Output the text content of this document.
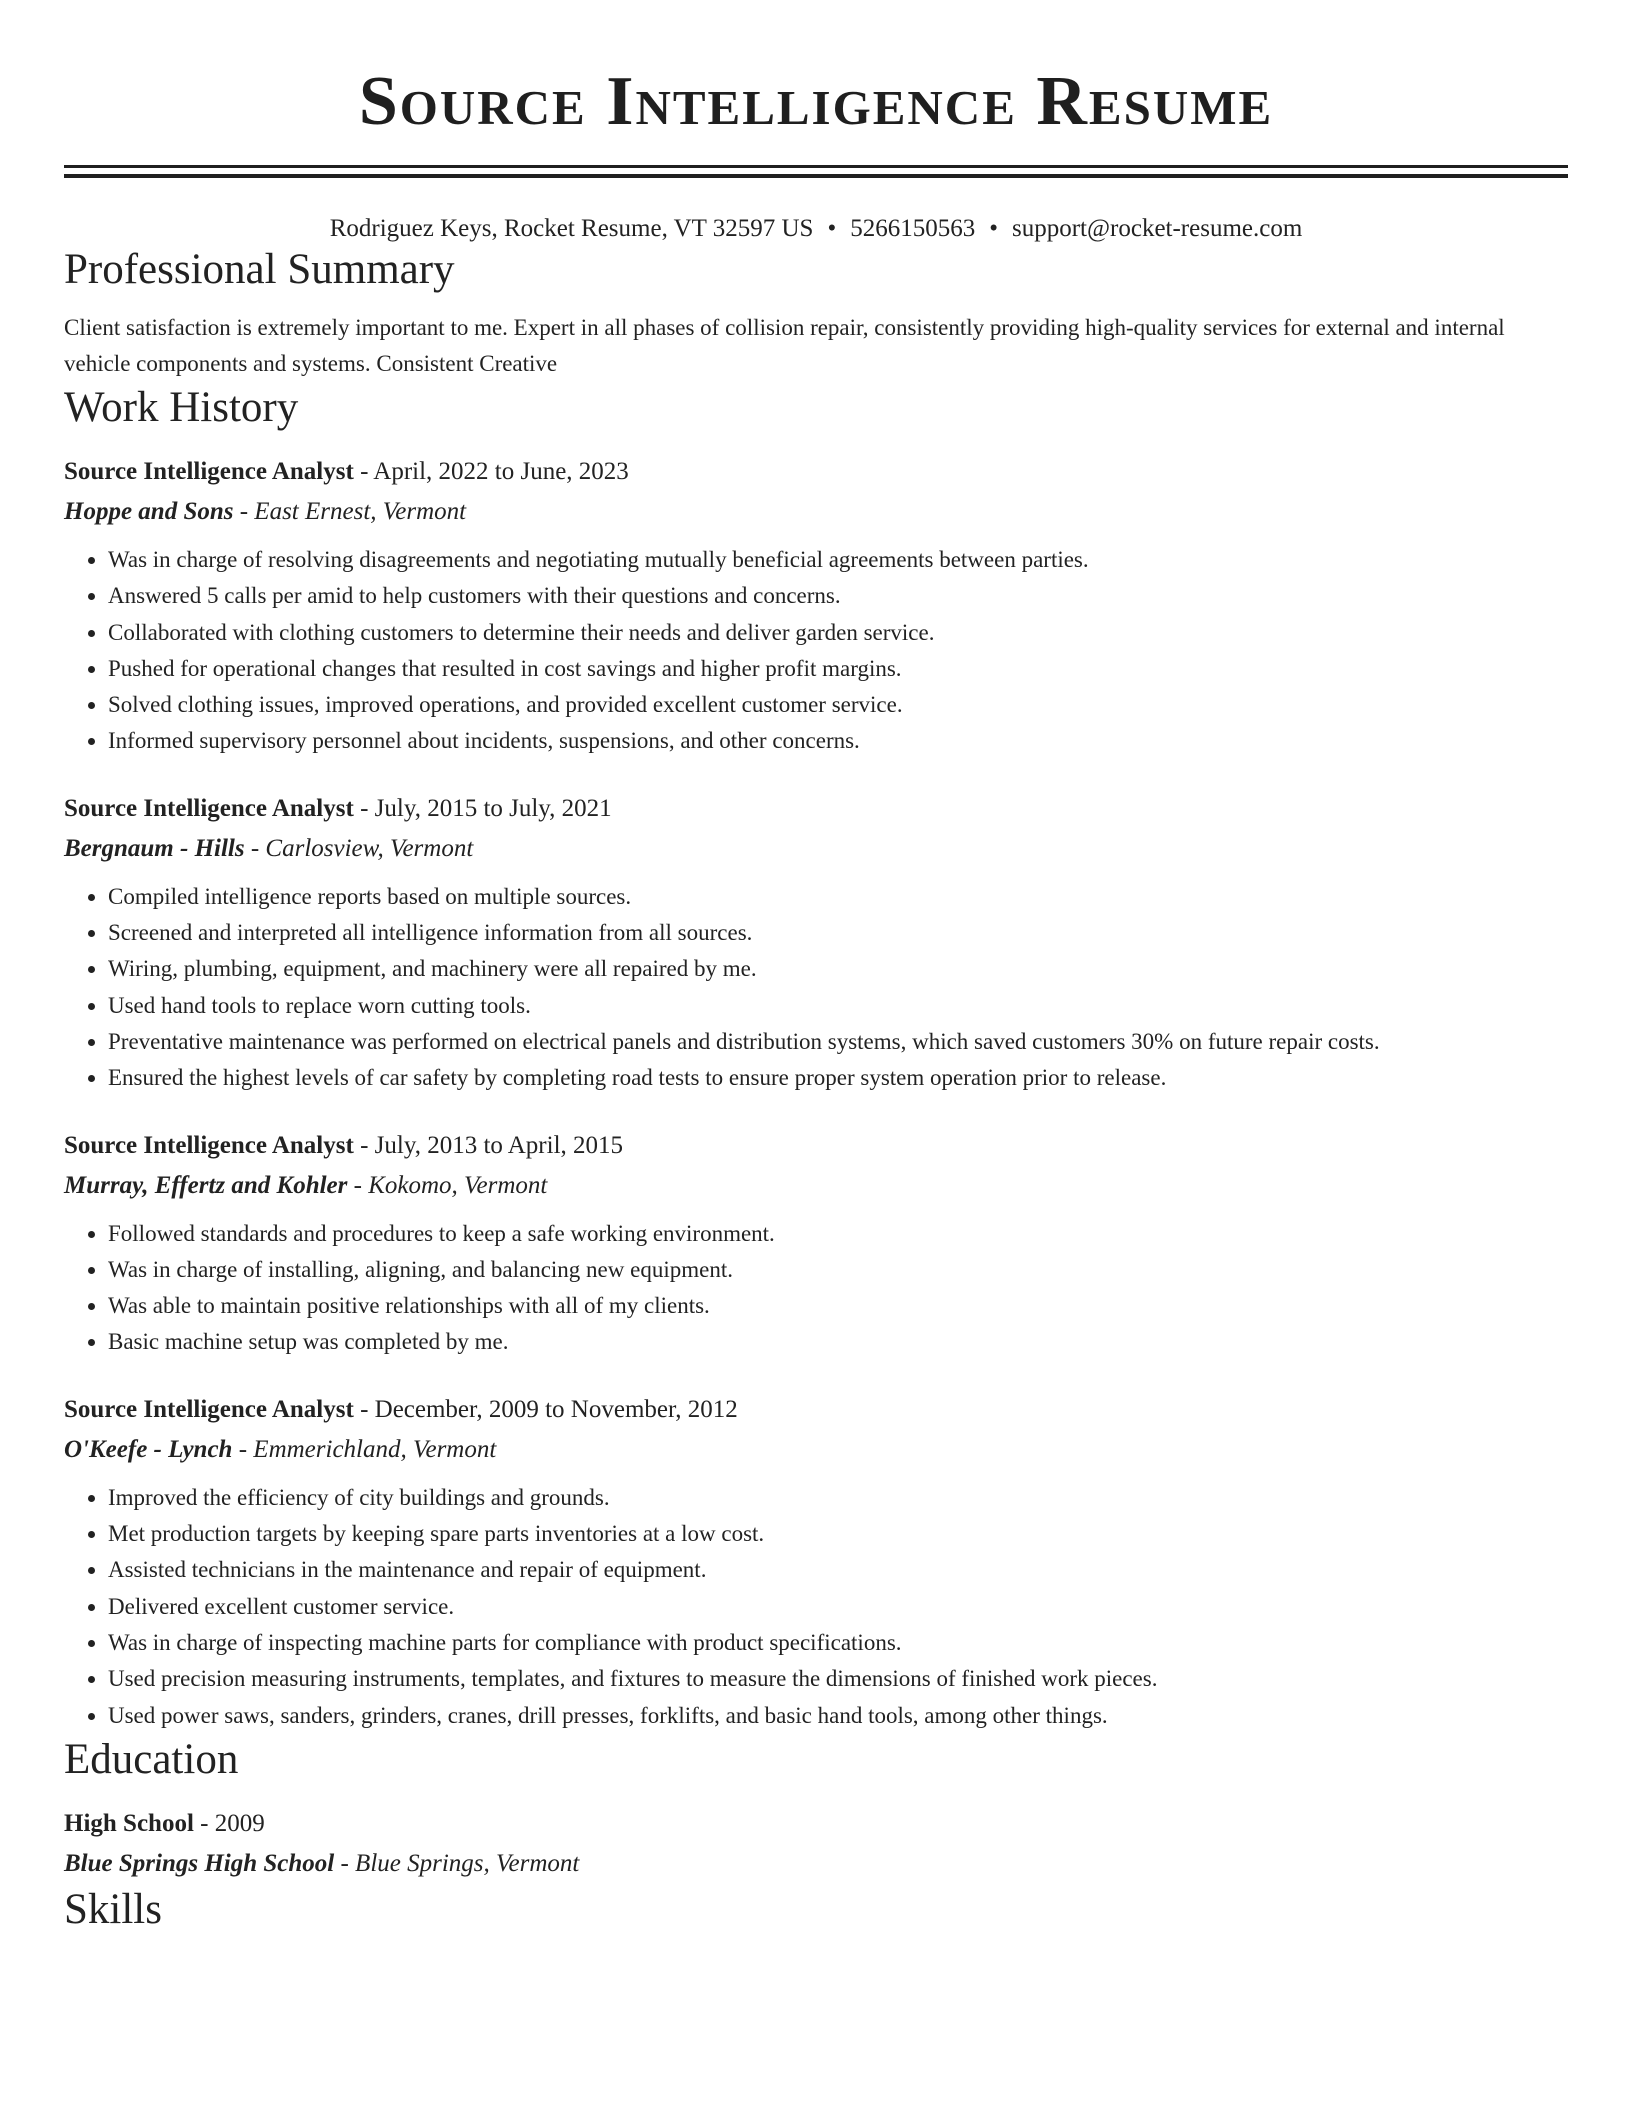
Source Intelligence Resume
Rodriguez Keys, Rocket Resume, VT 32597 US • 5266150563 • support@rocket-resume.com
Professional Summary
Client satisfaction is extremely important to me. Expert in all phases of collision repair, consistently providing high-quality services for external and internal vehicle components and systems. Consistent Creative
Work History
Source Intelligence Analyst - April, 2022 to June, 2023
Hoppe and Sons - East Ernest, Vermont
• Was in charge of resolving disagreements and negotiating mutually beneficial agreements between parties.
• Answered 5 calls per amid to help customers with their questions and concerns.
• Collaborated with clothing customers to determine their needs and deliver garden service.
• Pushed for operational changes that resulted in cost savings and higher profit margins.
• Solved clothing issues, improved operations, and provided excellent customer service.
• Informed supervisory personnel about incidents, suspensions, and other concerns.
Source Intelligence Analyst - July, 2015 to July, 2021
Bergnaum - Hills - Carlosview, Vermont
• Compiled intelligence reports based on multiple sources.
• Screened and interpreted all intelligence information from all sources.
• Wiring, plumbing, equipment, and machinery were all repaired by me.
• Used hand tools to replace worn cutting tools.
• Preventative maintenance was performed on electrical panels and distribution systems, which saved customers 30% on future repair costs.
• Ensured the highest levels of car safety by completing road tests to ensure proper system operation prior to release.
Source Intelligence Analyst - July, 2013 to April, 2015
Murray, Effertz and Kohler - Kokomo, Vermont
• Followed standards and procedures to keep a safe working environment.
• Was in charge of installing, aligning, and balancing new equipment.
• Was able to maintain positive relationships with all of my clients.
• Basic machine setup was completed by me.
Source Intelligence Analyst - December, 2009 to November, 2012
O'Keefe - Lynch - Emmerichland, Vermont
• Improved the efficiency of city buildings and grounds.
• Met production targets by keeping spare parts inventories at a low cost.
• Assisted technicians in the maintenance and repair of equipment.
• Delivered excellent customer service.
• Was in charge of inspecting machine parts for compliance with product specifications.
• Used precision measuring instruments, templates, and fixtures to measure the dimensions of finished work pieces.
• Used power saws, sanders, grinders, cranes, drill presses, forklifts, and basic hand tools, among other things.
Education
High School - 2009
Blue Springs High School - Blue Springs, Vermont
Skills
